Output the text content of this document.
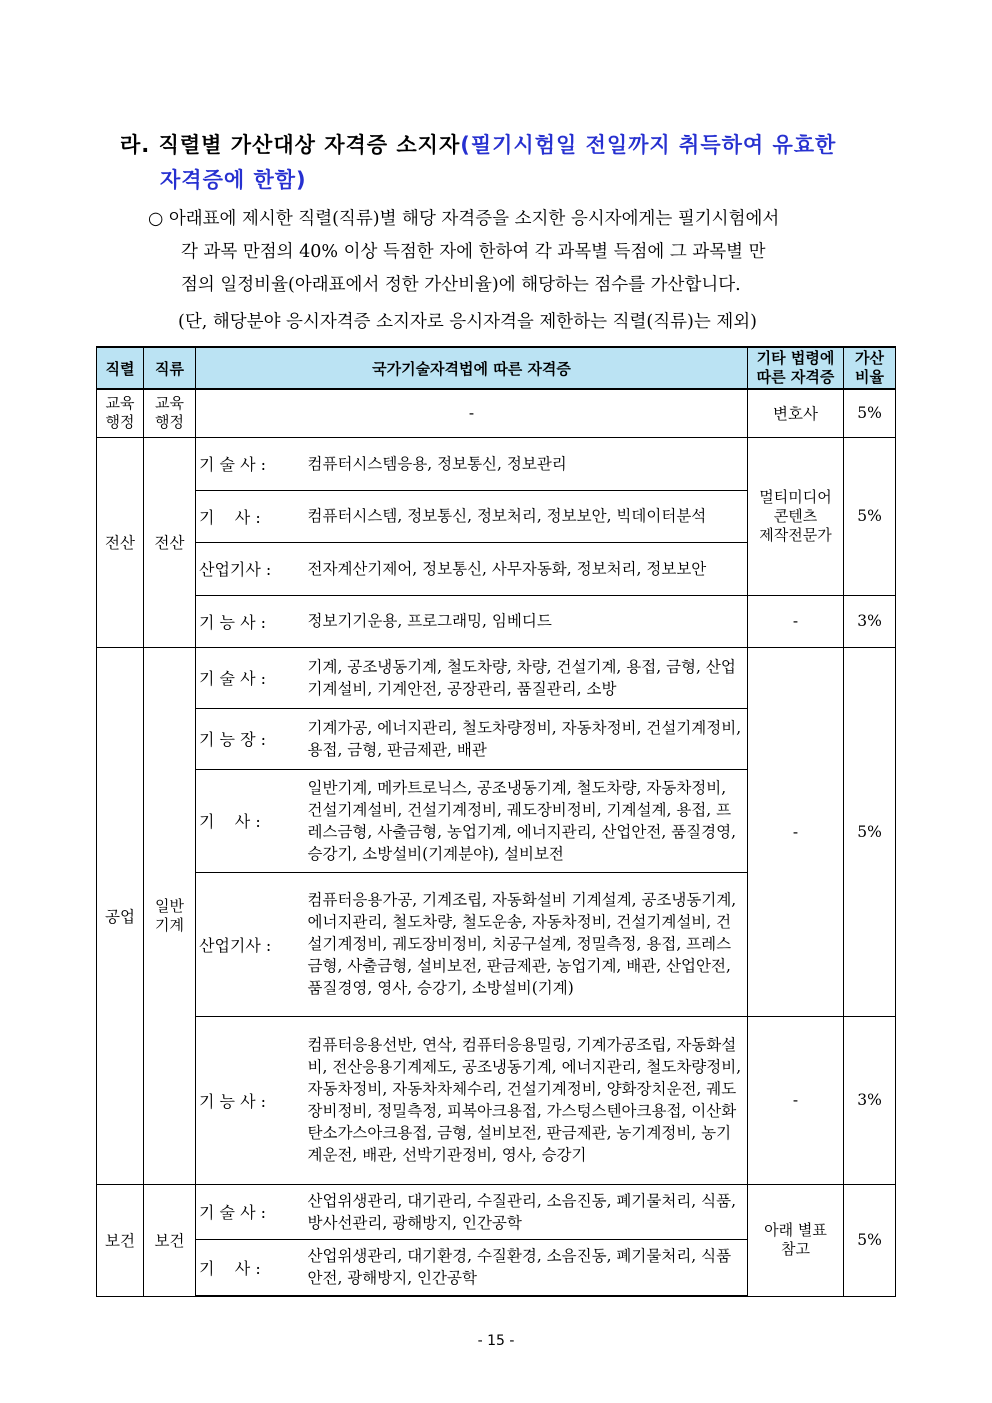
라. 직렬별 가산대상 자격증 소지자(필기시험일 전일까지 취득하여 유효한
자격증에 한함)
○ 아래표에 제시한 직렬(직류)별 해당 자격증을 소지한 응시자에게는 필기시험에서
각 과목 만점의 40% 이상 득점한 자에 한하여 각 과목별 득점에 그 과목별 만
점의 일정비율(아래표에서 정한 가산비율)에 해당하는 점수를 가산합니다.
(단, 해당분야 응시자격증 소지자로 응시자격을 제한하는 직렬(직류)는 제외)
직렬	직류	국가기술자격법에 따른 자격증		기타 법령에
따른 자격증	가산
비율
교육
행정	교육
행정	-		변호사	5%
전산	전산	기 술 사 :	컴퓨터시스템응용, 정보통신, 정보관리	멀티미디어
콘텐츠
제작전문가	5%
		기    사 :	컴퓨터시스템, 정보통신, 정보처리, 정보보안, 빅데이터분석		
		산업기사 :	전자계산기제어, 정보통신, 사무자동화, 정보처리, 정보보안		
		기 능 사 :	정보기기운용, 프로그래밍, 임베디드	-	3%
공업	일반
기계	기 술 사 :	기계, 공조냉동기계, 철도차량, 차량, 건설기계, 용접, 금형, 산업기계설비, 기계안전, 공장관리, 품질관리, 소방	-	5%
		기 능 장 :	기계가공, 에너지관리, 철도차량정비, 자동차정비, 건설기계정비, 용접, 금형, 판금제관, 배관		
		기    사 :	일반기계, 메카트로닉스, 공조냉동기계, 철도차량, 자동차정비, 건설기계설비, 건설기계정비, 궤도장비정비, 기계설계, 용접, 프레스금형, 사출금형, 농업기계, 에너지관리, 산업안전, 품질경영, 승강기, 소방설비(기계분야), 설비보전		
		산업기사 :	컴퓨터응용가공, 기계조립, 자동화설비 기계설계, 공조냉동기계, 에너지관리, 철도차량, 철도운송, 자동차정비, 건설기계설비, 건설기계정비, 궤도장비정비, 치공구설계, 정밀측정, 용접, 프레스금형, 사출금형, 설비보전, 판금제관, 농업기계, 배관, 산업안전, 품질경영, 영사, 승강기, 소방설비(기계)		
		기 능 사 :	컴퓨터응용선반, 연삭, 컴퓨터응용밀링, 기계가공조립, 자동화설비, 전산응용기계제도, 공조냉동기계, 에너지관리, 철도차량정비, 자동차정비, 자동차차체수리, 건설기계정비, 양화장치운전, 궤도장비정비, 정밀측정, 피복아크용접, 가스텅스텐아크용접, 이산화탄소가스아크용접, 금형, 설비보전, 판금제관, 농기계정비, 농기계운전, 배관, 선박기관정비, 영사, 승강기	-	3%
보건	보건	기 술 사 :	산업위생관리, 대기관리, 수질관리, 소음진동, 폐기물처리, 식품, 방사선관리, 광해방지, 인간공학	아래 별표
참고	5%
		기    사 :	산업위생관리, 대기환경, 수질환경, 소음진동, 폐기물처리, 식품안전, 광해방지, 인간공학		
- 15 -
